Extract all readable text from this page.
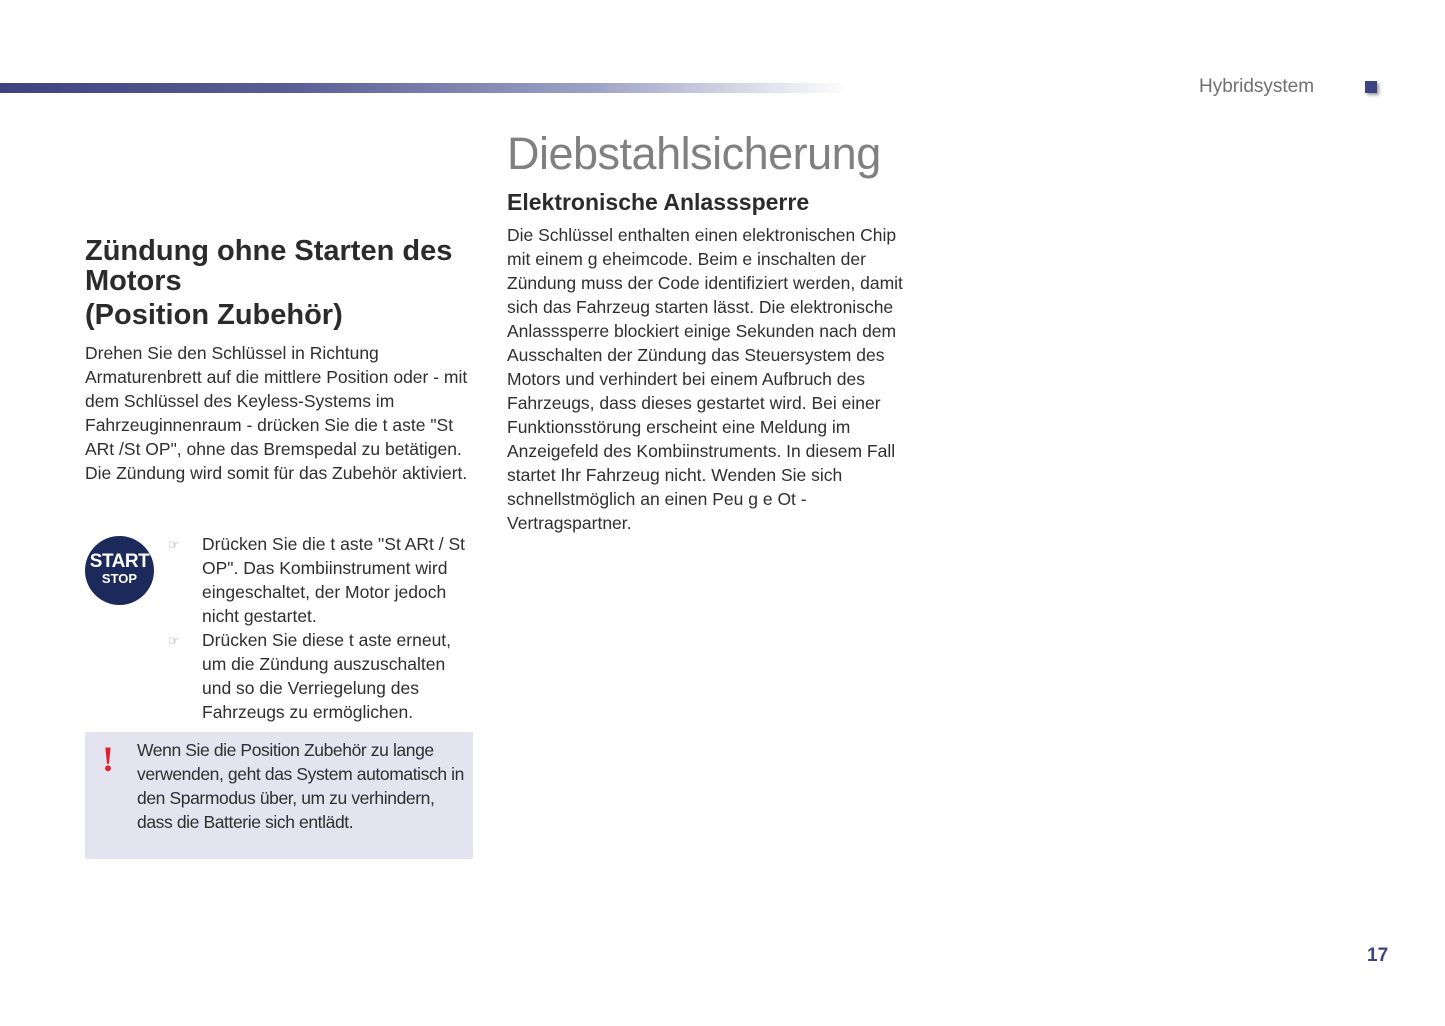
Hybridsystem
Zündung ohne Starten des Motors
(Position Zubehör)
Drehen Sie den Schlüssel in Richtung Armaturenbrett auf die mittlere Position oder - mit dem Schlüssel des Keyless-Systems im Fahrzeuginnenraum - drücken Sie die t aste "St ARt /St OP", ohne das Bremspedal zu betätigen. Die Zündung wird somit für das Zubehör aktiviert.
START
STOP
☞ Drücken Sie die t aste "St ARt / St OP". Das Kombiinstrument wird eingeschaltet, der Motor jedoch nicht gestartet.
☞ Drücken Sie diese t aste erneut, um die Zündung auszuschalten und so die Verriegelung des Fahrzeugs zu ermöglichen.
! Wenn Sie die Position Zubehör zu lange verwenden, geht das System automatisch in den Sparmodus über, um zu verhindern, dass die Batterie sich entlädt.
Diebstahlsicherung
Elektronische Anlasssperre
Die Schlüssel enthalten einen elektronischen Chip mit einem g eheimcode. Beim e inschalten der Zündung muss der Code identifiziert werden, damit sich das Fahrzeug starten lässt. Die elektronische Anlasssperre blockiert einige Sekunden nach dem Ausschalten der Zündung das Steuersystem des Motors und verhindert bei einem Aufbruch des Fahrzeugs, dass dieses gestartet wird. Bei einer Funktionsstörung erscheint eine Meldung im Anzeigefeld des Kombiinstruments. In diesem Fall startet Ihr Fahrzeug nicht. Wenden Sie sich schnellstmöglich an einen Peu g e Ot -Vertragspartner.
17
